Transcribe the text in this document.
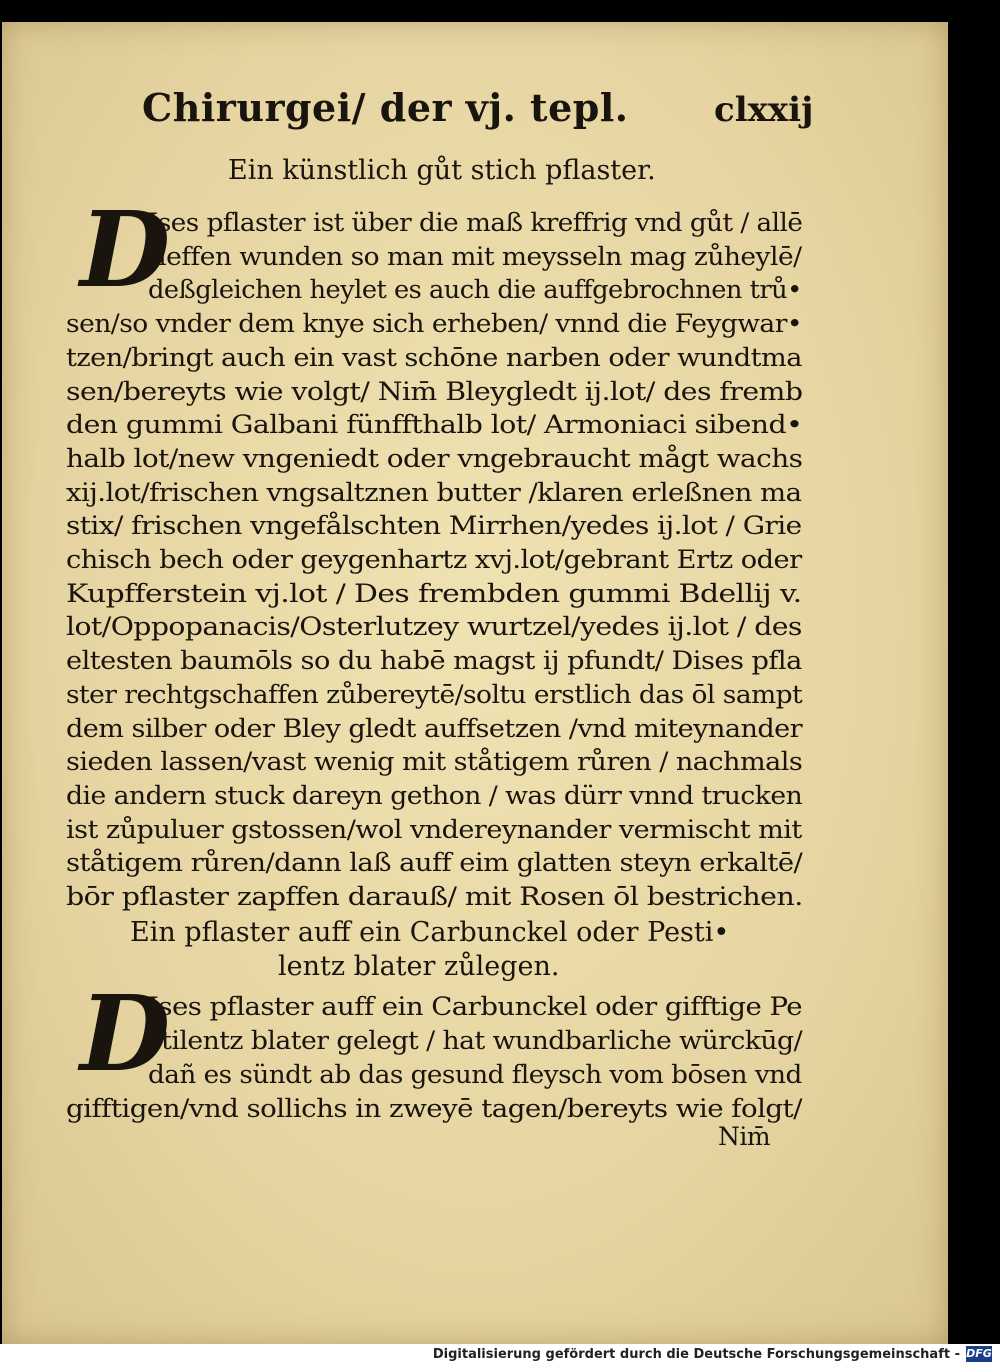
Chirurgei/ der vj. tepl.	clxxij
Ein künstlich gůt stich pflaster.
D
Ises pflaster ist über die maß kreffrig vnd gůt / allē
tieffen wunden so man mit meysseln mag zůheylē/
deßgleichen heylet es auch die auffgebrochnen trů•
sen/so vnder dem knye sich erheben/ vnnd die Feygwar•
tzen/bringt auch ein vast schōne narben oder wundtma
sen/bereyts wie volgt/ Nim̄ Bleygledt ij.lot/ des fremb
den gummi Galbani fünffthalb lot/ Armoniaci sibend•
halb lot/new vngeniedt oder vngebraucht mågt wachs
xij.lot/frischen vngsaltznen butter /klaren erleßnen ma
stix/ frischen vngefålschten Mirrhen/yedes ij.lot / Grie
chisch bech oder geygenhartz xvj.lot/gebrant Ertz oder
Kupfferstein vj.lot / Des frembden gummi Bdellij v.
lot/Oppopanacis/Osterlutzey wurtzel/yedes ij.lot / des
eltesten baumōls so du habē magst ij pfundt/ Dises pfla
ster rechtgschaffen zůbereytē/soltu erstlich das ōl sampt
dem silber oder Bley gledt auffsetzen /vnd miteynander
sieden lassen/vast wenig mit ståtigem růren / nachmals
die andern stuck dareyn gethon / was dürr vnnd trucken
ist zůpuluer gstossen/wol vndereynander vermischt mit
ståtigem růren/dann laß auff eim glatten steyn erkaltē/
bōr pflaster zapffen darauß/ mit Rosen ōl bestrichen.
Ein pflaster auff ein Carbunckel oder Pesti•
lentz blater zůlegen.
D
Ises pflaster auff ein Carbunckel oder gifftige Pe
stilentz blater gelegt / hat wundbarliche würckūg/
dañ es sündt ab das gesund fleysch vom bōsen vnd
gifftigen/vnd sollichs in zweyē tagen/bereyts wie folgt/
Nim̄
Digitalisierung gefördert durch die Deutsche Forschungsgemeinschaft - DFG
